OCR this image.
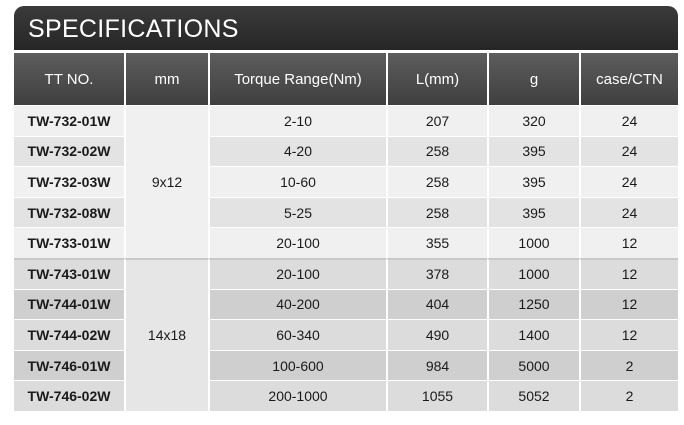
SPECIFICATIONS
TT NO.	mm	Torque Range(Nm)	L(mm)	g	case/CTN
TW-732-01W	9x12	2-10	207	320	24
TW-732-02W		4-20	258	395	24
TW-732-03W		10-60	258	395	24
TW-732-08W		5-25	258	395	24
TW-733-01W		20-100	355	1000	12
TW-743-01W	14x18	20-100	378	1000	12
TW-744-01W		40-200	404	1250	12
TW-744-02W		60-340	490	1400	12
TW-746-01W		100-600	984	5000	2
TW-746-02W		200-1000	1055	5052	2
